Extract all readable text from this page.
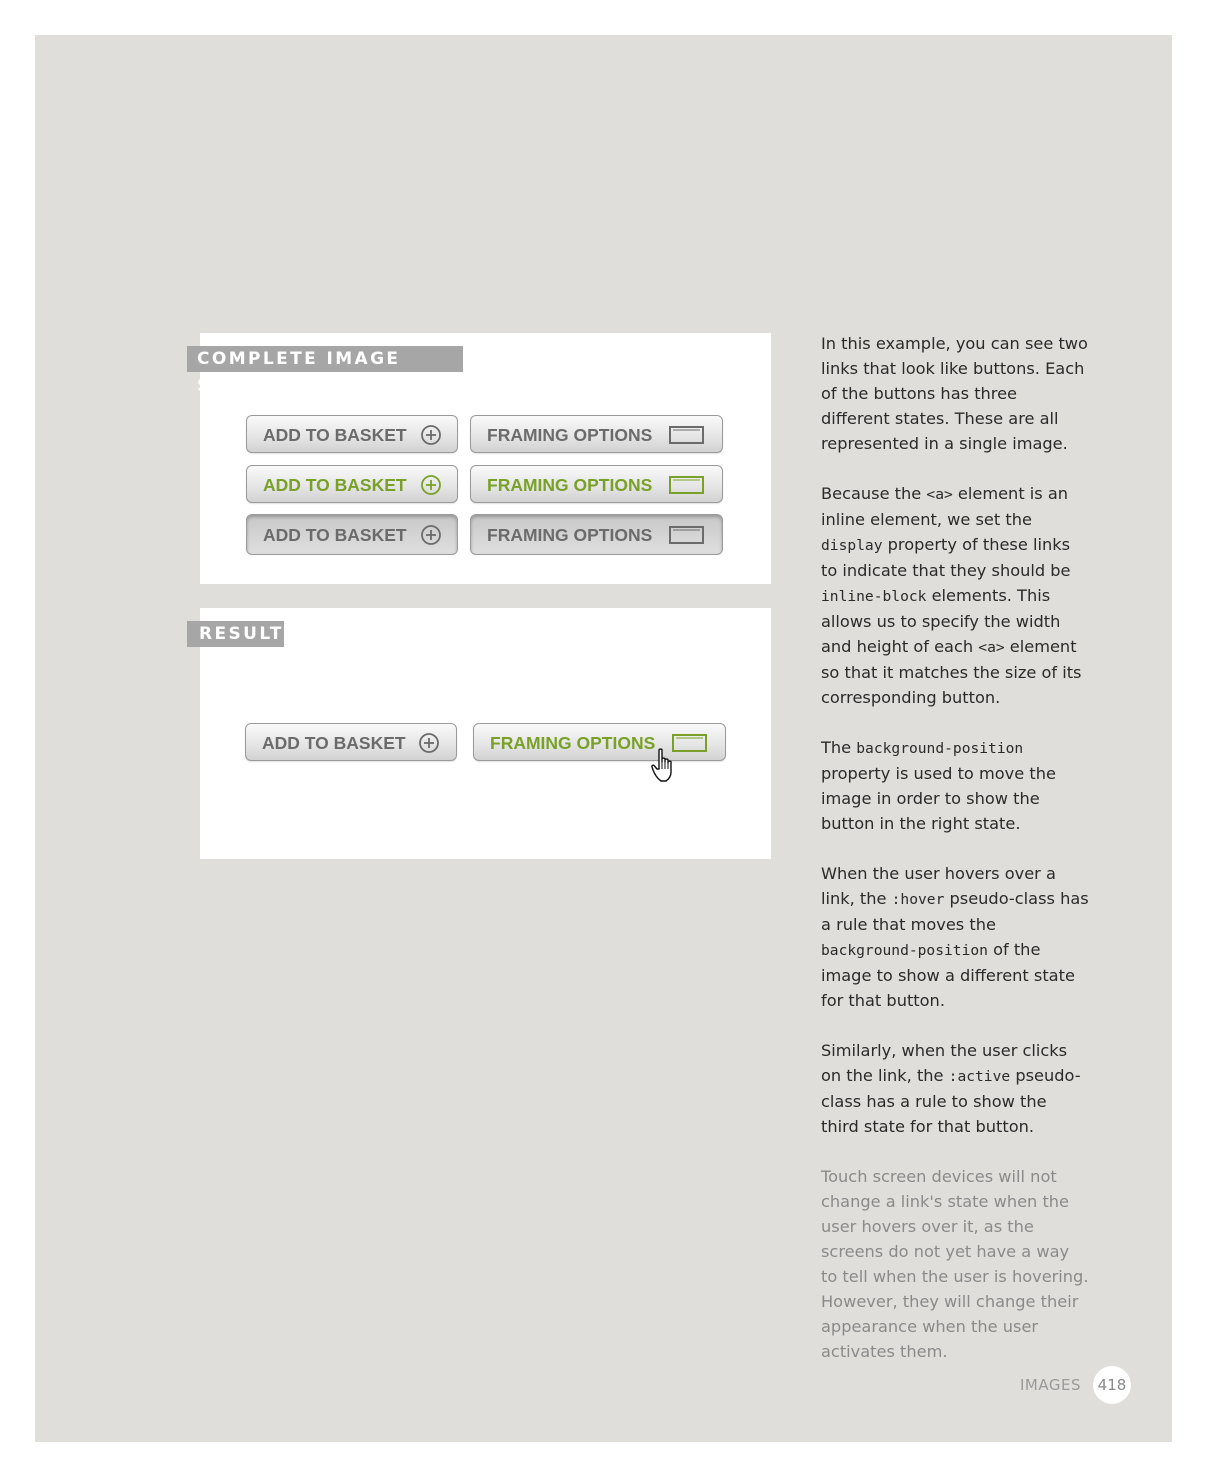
COMPLETE IMAGE SPRITE
ADD TO BASKET	FRAMING OPTIONS
ADD TO BASKET	FRAMING OPTIONS
ADD TO BASKET	FRAMING OPTIONS
RESULT
ADD TO BASKET	FRAMING OPTIONS

In this example, you can see two links that look like buttons. Each of the buttons has three different states. These are all represented in a single image.

Because the <a> element is an inline element, we set the display property of these links to indicate that they should be inline-block elements. This allows us to specify the width and height of each <a> element so that it matches the size of its corresponding button.

The background-position property is used to move the image in order to show the button in the right state.

When the user hovers over a link, the :hover pseudo-class has a rule that moves the background-position of the image to show a different state for that button.

Similarly, when the user clicks on the link, the :active pseudo-class has a rule to show the third state for that button.

Touch screen devices will not change a link's state when the user hovers over it, as the screens do not yet have a way to tell when the user is hovering. However, they will change their appearance when the user activates them.

IMAGES	418
